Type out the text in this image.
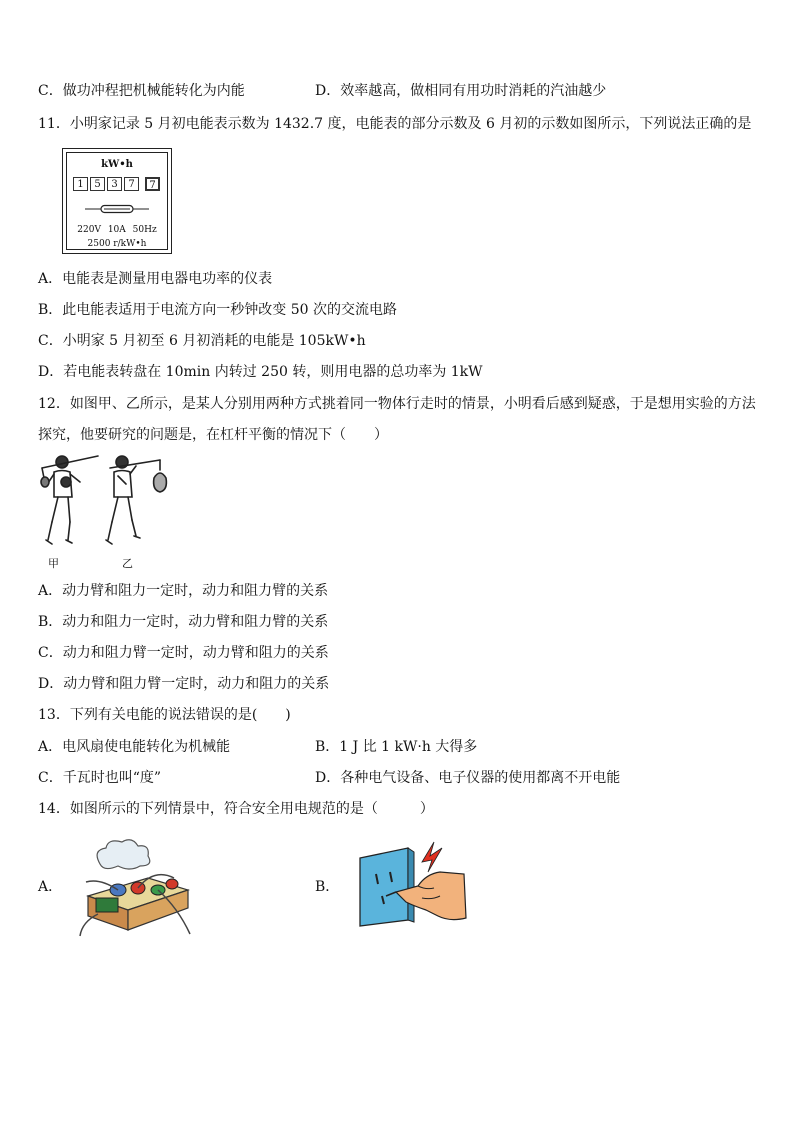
C．做功冲程把机械能转化为内能	D．效率越高，做相同有用功时消耗的汽油越少
11．小明家记录 5 月初电能表示数为 1432.7 度，电能表的部分示数及 6 月初的示数如图所示，下列说法正确的是
kW•h
1	5	3	7	7
220V 10A 50Hz
2500 r/kW•h
A．电能表是测量用电器电功率的仪表
B．此电能表适用于电流方向一秒钟改变 50 次的交流电路
C．小明家 5 月初至 6 月初消耗的电能是 105kW•h
D．若电能表转盘在 10min 内转过 250 转，则用电器的总功率为 1kW
12．如图甲、乙所示，是某人分别用两种方式挑着同一物体行走时的情景，小明看后感到疑惑，于是想用实验的方法
探究，他要研究的问题是，在杠杆平衡的情况下（　　）
甲	乙
A．动力臂和阻力一定时，动力和阻力臂的关系
B．动力和阻力一定时，动力臂和阻力臂的关系
C．动力和阻力臂一定时，动力臂和阻力的关系
D．动力臂和阻力臂一定时，动力和阻力的关系
13．下列有关电能的说法错误的是(　　)
A．电风扇使电能转化为机械能	B．1 J 比 1 kW·h 大得多
C．千瓦时也叫“度”	D．各种电气设备、电子仪器的使用都离不开电能
14．如图所示的下列情景中，符合安全用电规范的是（　　　）
A．	B．
